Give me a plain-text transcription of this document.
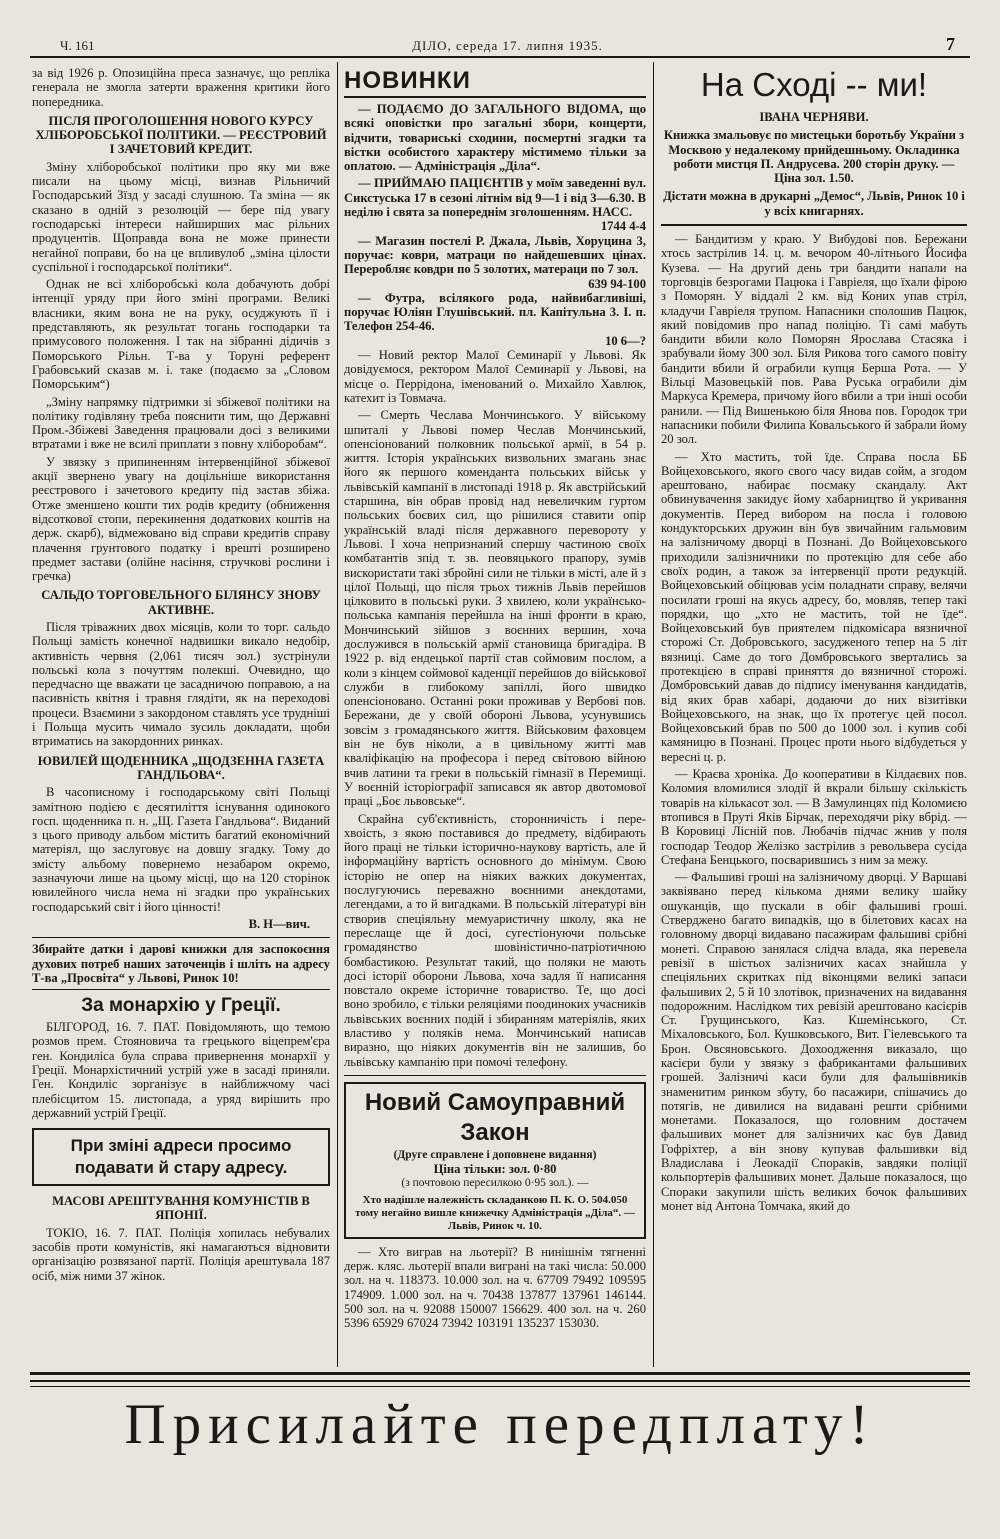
Ч. 161	ДІЛО, середа 17. липня 1935.	7

за від 1926 р. Опозиційна преса зазначує, що репліка генерала не змогла затерти враження критики його попередника.

ПІСЛЯ ПРОГОЛОШЕННЯ НОВОГО КУРСУ ХЛІБОРОБСЬКОЇ ПОЛІТИКИ. — РЕЄСТРОВИЙ І ЗАЧЕТОВИЙ КРЕДИТ.

Зміну хліборобської політики про яку ми вже писали на цьому місці, визнав Рільничий Господарський Зїзд у засаді слушною. Та зміна — як сказано в одній з резолюцій — бере під увагу господарські інтереси найширших мас рільних продуцентів. Щоправда вона не може принести негайної поправи, бо на це впливулоб „зміна цілости суспільної і господарської політики“.

Однак не всі хліборобські кола добачують добрі інтенції уряду при його зміні програми. Великі власники, яким вона не на руку, осуджують її і представляють, як результат тогань господарки та примусового положення. І так на зібранні дідичів з Поморського Рільн. Т-ва у Торуні референт Грабовський сказав м. і. таке (подаємо за „Словом Поморським“)

„Зміну напрямку підтримки зі збіжевої політики на політику годівляну треба пояснити тим, що Державні Пром.-Збіжеві Заведення працювали досі з великими втратами і вже не всилі приплати з повну хліборобам“.

У звязку з припиненням інтервенційної збіжевої акції звернено увагу на доцільніше використання реєстрового і зачетового кредиту під застав збіжа. Отже зменшено кошти тих родів кредиту (обниження відсоткової стопи, перекинення додаткових коштів на держ. скарб), відмежовано від справи кредитів справу плачення грунтового податку і врешті розширено предмет застави (олійне насіння, стручкові рослини і гречка)

САЛЬДО ТОРГОВЕЛЬНОГО БІЛЯНСУ ЗНОВУ АКТИВНЕ.

Після тріважних двох місяців, коли то торг. сальдо Польщі замість конечної надвишки викало недобір, активність червня (2,061 тисяч зол.) зустрінули польські кола з почуттям полекші. Очевидно, що передчасно ще вважати це засадничою поправою, а на пасивність квітня і травня глядіти, як на переходові процеси. Взаємини з закордоном ставлять усе трудніші і Польща мусить чимало зусиль докладати, щоби втриматись на закордонних ринках.

ЮВИЛЕЙ ЩОДЕННИКА „ЩОДЗЕННА ГАЗЕТА ГАНДЛЬОВА“.

В часописному і господарському світі Польщі замітною подією є десятиліття існування одинокого госп. щоденника п. н. „Щ. Газета Гандльова“. Виданий з цього приводу альбом містить багатий економічний матеріял, що заслуговує на довшу згадку. Тому до змісту альбому повернемо незабаром окремо, зазначуючи лише на цьому місці, що на 120 сторінок ювилейного числа нема ні згадки про українських господарський світ і його цінності!

В. Н—вич.

Збирайте датки і дарові книжки для заспокоєння духових потреб наших заточенців і шліть на адресу Т-ва „Просвіта“ у Львові, Ринок 10!

За монархію у Греції.

БІЛГОРОД, 16. 7. ПАТ. Повідомляють, що темою розмов прем. Стояновича та грецького віцепрем'єра ген. Кондиліса була справа привернення монархії у Греції. Монархістичний устрій уже в засаді приняли. Ген. Кондиліс зорганізує в найближчому часі плебісцитом 15. листопада, а уряд вирішить про державний устрій Греції.

При зміні адреси просимо подавати й стару адресу.
МАСОВІ АРЕШТУВАННЯ КОМУНІСТІВ В ЯПОНІЇ.

ТОКІО, 16. 7. ПАТ. Поліція хопилась небувалих засобів проти комуністів, які намагаються відновити організацію розвязаної партії. Поліція арештувала 187 осіб, між ними 37 жінок.

НОВИНКИ

— ПОДАЄМО ДО ЗАГАЛЬНОГО ВІДОМА, що всякі оповістки про загальні збори, концерти, відчити, товариські сходини, посмертні згадки та вістки особистого характеру містимемо тільки за оплатою. — Адміністрація „Діла“.

— ПРИЙМАЮ ПАЦІЄНТІВ у моїм заведенні вул. Сикстуська 17 в сезоні літнім від 9—1 і від 3—6.30. В неділю і свята за попереднім зголошенням. НАСС.

1744 4-4

— Магазин постелі Р. Джала, Львів, Хоруцина 3, поручає: коври, матраци по найдешевших цінах. Переробляє ковдри по 5 золотих, матераци по 7 зол.

639 94-100

— Футра, всілякого рода, найвибагливіші, поручає Юліян Глушівський. пл. Капітульна 3. І. п. Телефон 254-46.

10 6—?

— Новий ректор Малої Семинарії у Львові. Як довідуємося, ректором Малої Семинарії у Львові, на місце о. Перрідона, іменований о. Михайло Хавлюк, катехит із Товмача.

— Смерть Чеслава Мончинського. У війському шпиталі у Львові помер Чеслав Мончинський, опенсіонований полковник польської армії, в 54 р. життя. Історія українських визвольних змагань знає його як першого коменданта польських військ у львівській кампанії в листопаді 1918 р. Як австрійський старшина, він обрав провід над невеличким гуртом польських боєвих сил, що рішилися ставити опір українській владі після державного перевороту у Львові. І хоча непризнаний спершу частиною своїх комбатантів зпід т. зв. пеовяцького прапору, зумів вискористати такі збройні сили не тільки в місті, але й з цілої Польщі, що після трьох тижнів Львів перейшов цілковито в польські руки. З хвилею, коли українсько-польська кампанія перейшла на інші фронти в краю, Мончинський зійшов з воєнних вершин, хоча дослужився в польській армії становища бригадіра. В 1922 р. від ендецької партії став соймовим послом, а коли з кінцем соймової каденції перейшов до військової служби в глибокому запіллі, його швидко опенсіоновано. Останні роки проживав у Вербові пов. Бережани, де у своїй обороні Львова, усунувшись зовсім з громадянського життя. Військовим фаховцем він не був ніколи, а в цивільному житті мав кваліфікацію на професора і перед світовою війною вчив латини та греки в польській гімназії в Перемищі. У воєнній історіографії записався як автор двотомової праці „Боє львовське“.

Скрайна суб'єктивність, сторонничість і пере-хвоість, з якою поставився до предмету, відбирають його праці не тільки історично-наукову вартість, але й інформаційну вартість основного до мінімум. Свою історію не опер на ніяких важких документах, послугуючись переважно воєнними анекдотами, легендами, а то й вигадками. В польській літературі він створив спеціяльну мемуаристичну школу, яка не переслаще ще й досі, сугестіонуючи польське громадянство шовіністично-патріотичною бомбастикою. Результат такий, що поляки не мають досі історії оборони Львова, хоча задля її написання повстало окреме історичне товариство. Те, що досі воно зробило, є тільки реляціями поодиноких учасників львівських воєнних подій і збиранням матеріялів, яких властиво у поляків нема. Мончинський написав виразно, що ніяких документів він не залишив, бо львівську кампанію при помочі телефону.

Новий Самоуправний Закон
(Друге справлене і доповнене видання)
Ціна тільки: зол. 0·80
(з почтовою пересилкою 0·95 зол.). —
Хто надішле належність складанкою П. К. О. 504.050 тому негайно вишле книжечку Адміністрація „Діла“. — Львів, Ринок ч. 10.

— Хто виграв на льотерії? В нинішнім тягненні держ. кляс. льотерії впали виграні на такі числа: 50.000 зол. на ч. 118373. 10.000 зол. на ч. 67709 79492 109595 174909. 1.000 зол. на ч. 70438 137877 137961 146144. 500 зол. на ч. 92088 150007 156629. 400 зол. на ч. 260 5396 65929 67024 73942 103191 135237 153030.

На Сході -- ми!
ІВАНА ЧЕРНЯВИ.
Книжка змальовує по мистецьки боротьбу України з Москвою у недалекому прийдешньому. Окладинка роботи мистця П. Андрусева. 200 сторін друку. — Ціна зол. 1.50.
Дістати можна в друкарні „Демос“, Львів, Ринок 10 і у всіх книгарнях.

— Бандитизм у краю. У Вибудові пов. Бережани хтось застрілив 14. ц. м. вечором 40-літнього Йосифа Кузева. — На другий день три бандити напали на торговців безрогами Пацюка і Гавріеля, що їхали фірою з Поморян. У віддалі 2 км. від Коних упав стріл, кладучи Гавріеля трупом. Напасники сполошив Пацюк, який повідомив про напад поліцію. Ті самі мабуть бандити вбили коло Поморян Ярослава Стасяка і зрабували йому 300 зол. Біля Рикова того самого повіту бандити вбили й ограбили купця Берша Рота. — У Вільці Мазовецькій пов. Рава Руська ограбили дім Маркуса Кремера, причому його вбили а три інші особи ранили. — Під Вишенькою біля Янова пов. Городок три напасники побили Филипа Ковальського й забрали йому 20 зол.

— Хто мастить, той їде. Справа посла ББ Войцеховського, якого свого часу видав сойм, а згодом арештовано, набирає посмаку скандалу. Акт обвинувачення закидує йому хабарництво й укривання документів. Перед вибором на посла і головою кондукторських дружин він був звичайним гальмовим на залізничому дворці в Познані. До Войцеховського приходили залізничники по протекцію для себе або своїх родин, а також за інтервенції проти редукцій. Войцеховський обіцював усім поладнати справу, велячи посилати гроші на якусь адресу, бо, мовляв, тепер такі порядки, що „хто не мастить, той не їде“. Войцеховський був приятелем підкомісара вязничної сторожі Ст. Добровського, засудженого тепер на 5 літ вязниці. Саме до того Домбровського звертались за протекцією в справі приняття до вязничної сторожі. Домбровський давав до підпису іменування кандидатів, від яких брав хабарі, додаючи до них візитівки Войцеховського, на знак, що їх протегує цей посол. Войцеховський брав по 500 до 1000 зол. і купив собі камяницю в Познані. Процес проти нього відбудеться у вересні ц. р.

— Краєва хроніка. До кооперативи в Кілдаєвих пов. Коломия вломилися злодії й вкрали більшу скількість товарів на кількасот зол. — В Замулинцях під Коломиєю втопився в Пруті Яків Бірчак, переходячи ріку вбрід. — В Коровиці Лісній пов. Любачів підчас жнив у поля господар Теодор Желізко застрілив з револьвера сусіда Стефана Бенцького, посварившись з ним за межу.

— Фальшиві гроші на залізничому дворці. У Варшаві заквіявано перед кількома днями велику шайку ошуканців, що пускали в обіг фальшиві гроші. Стверджено багато випадків, що в білетових касах на головному дворці видавано пасажирам фальшиві срібні монеті. Справою занялася слідча влада, яка перевела ревізії в шістьох залізничих касах знайшла у спеціяльних скритках під віконцями великі запаси фальшивих 2, 5 й 10 злотівок, призначених на видавання подорожним. Наслідком тих ревізій арештовано касієрів Ст. Грущинського, Каз. Кшемінського, Ст. Міхаловського, Бол. Кушковського, Вит. Гіелевського та Брон. Овсяновського. Дохоодження виказало, що касієри були у звязку з фабрикантами фальшивих грошей. Залізничі каси були для фальшівників знаменитим ринком збуту, бо пасажири, спішачись до потягів, не дивилися на видавані решти срібними монетами. Показалося, що головним достачем фальшивих монет для залізничих кас був Давид Гофріхтер, а він знову купував фальшивки від Владислава і Леокадії Спораків, завдяки поліції кольпортерів фальшивих монет. Дальше показалося, що Спораки закупили шість великих бочок фальшивих монет від Антона Томчака, який до

Присилайте передплату!
